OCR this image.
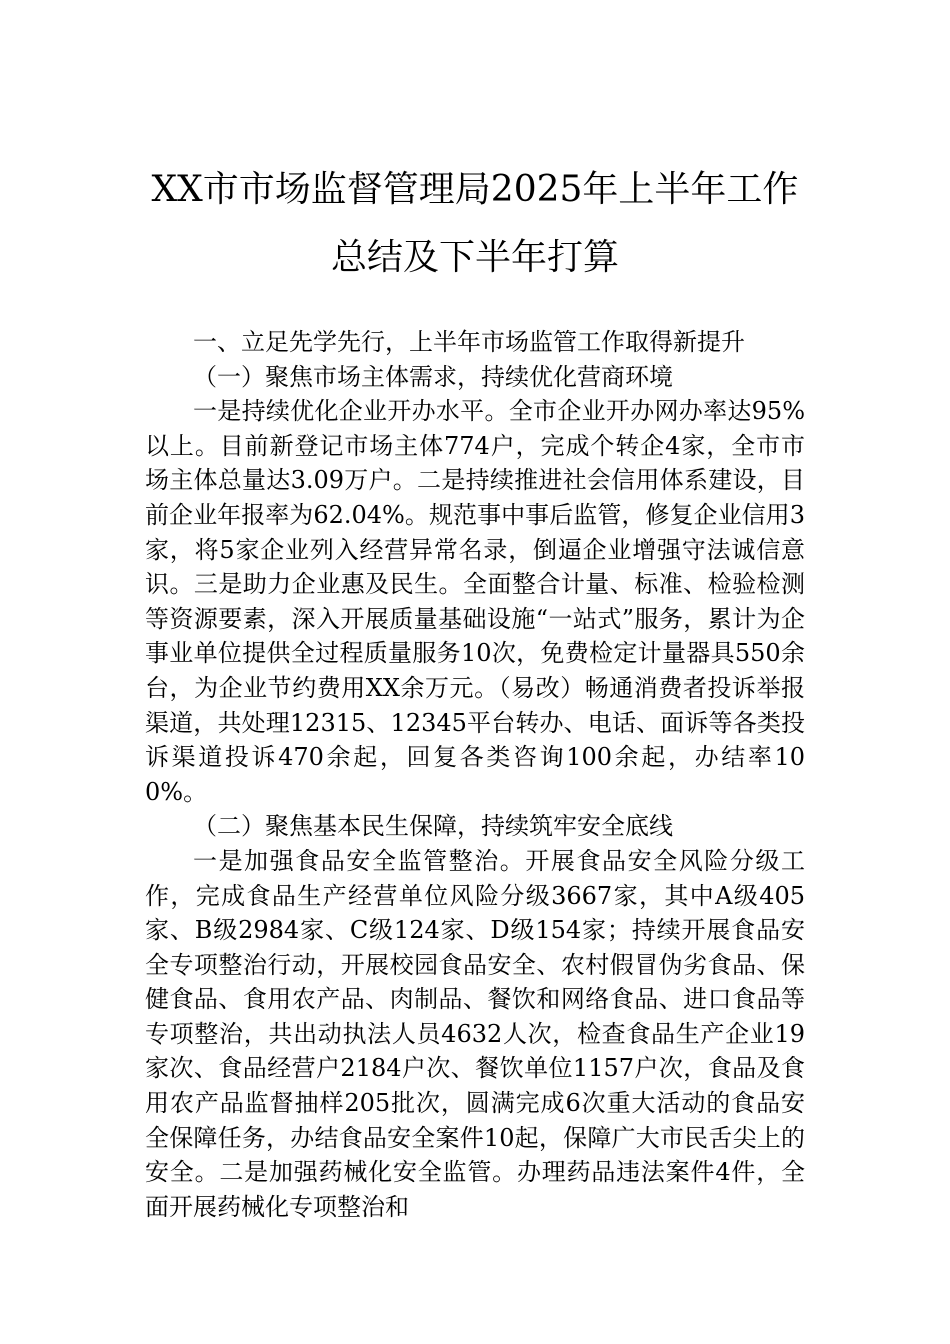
XX市市场监督管理局2025年上半年工作
总结及下半年打算

一、立足先学先行，上半年市场监管工作取得新提升

（一）聚焦市场主体需求，持续优化营商环境

一是持续优化企业开办水平。全市企业开办网办率达95%以上。目前新登记市场主体774户，完成个转企4家，全市市场主体总量达3.09万户。二是持续推进社会信用体系建设，目前企业年报率为62.04%。规范事中事后监管，修复企业信用3家，将5家企业列入经营异常名录，倒逼企业增强守法诚信意识。三是助力企业惠及民生。全面整合计量、标准、检验检测等资源要素，深入开展质量基础设施“一站式”服务，累计为企事业单位提供全过程质量服务10次，免费检定计量器具550余台，为企业节约费用XX余万元。（易改）畅通消费者投诉举报渠道，共处理12315、12345平台转办、电话、面诉等各类投诉渠道投诉470余起，回复各类咨询100余起，办结率100%。

（二）聚焦基本民生保障，持续筑牢安全底线

一是加强食品安全监管整治。开展食品安全风险分级工作，完成食品生产经营单位风险分级3667家，其中A级405家、B级2984家、C级124家、D级154家；持续开展食品安全专项整治行动，开展校园食品安全、农村假冒伪劣食品、保健食品、食用农产品、肉制品、餐饮和网络食品、进口食品等专项整治，共出动执法人员4632人次，检查食品生产企业19家次、食品经营户2184户次、餐饮单位1157户次，食品及食用农产品监督抽样205批次，圆满完成6次重大活动的食品安全保障任务，办结食品安全案件10起，保障广大市民舌尖上的安全。二是加强药械化安全监管。办理药品违法案件4件，全面开展药械化专项整治和
